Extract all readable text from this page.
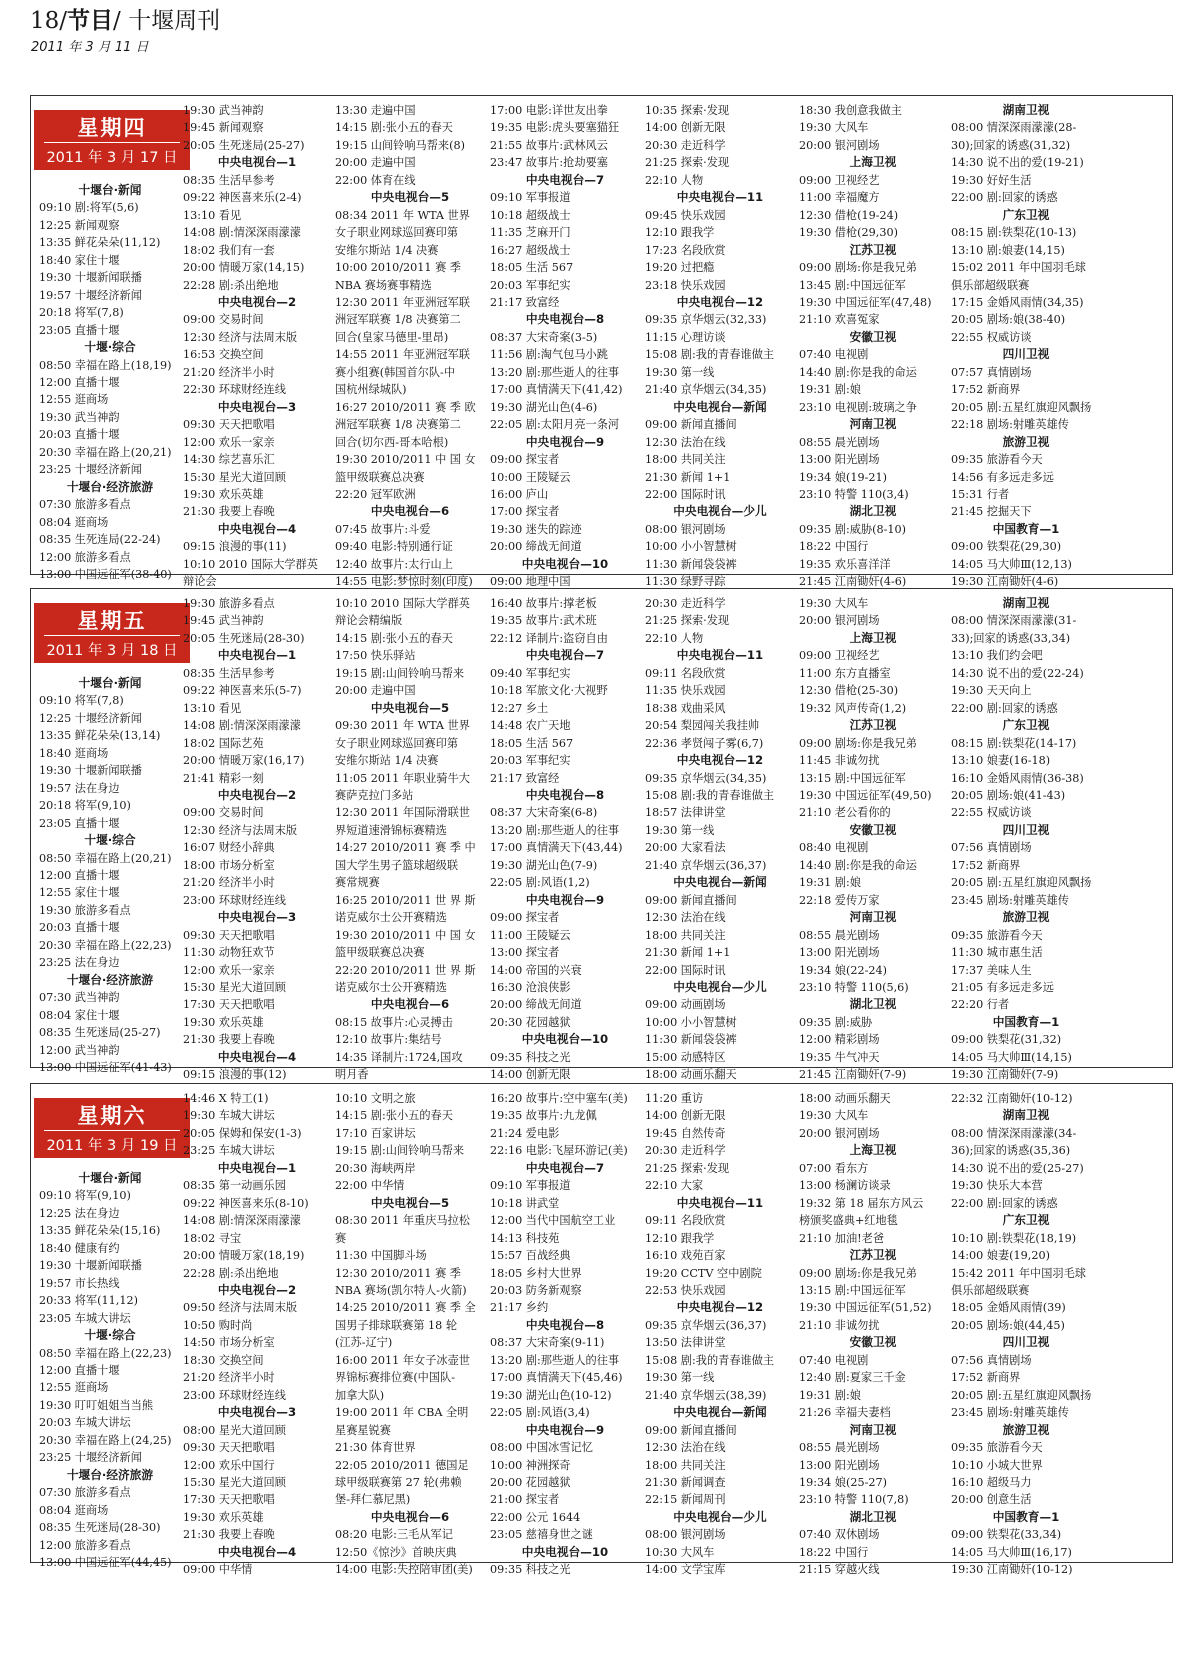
18/节目/ 十堰周刊
2011 年 3 月 11 日
星期四
2011 年 3 月 17 日
十堰台·新闻
09:10 剧:将军(5,6)
12:25 新闻观察
13:35 鲜花朵朵(11,12)
18:40 家住十堰
19:30 十堰新闻联播
19:57 十堰经济新闻
20:18 将军(7,8)
23:05 直播十堰
十堰·综合
08:50 幸福在路上(18,19)
12:00 直播十堰
12:55 逛商场
19:30 武当神韵
20:03 直播十堰
20:30 幸福在路上(20,21)
23:25 十堰经济新闻
十堰台·经济旅游
07:30 旅游多看点
08:04 逛商场
08:35 生死连局(22-24)
12:00 旅游多看点
13:00 中国远征军(38-40)
19:30 武当神韵
19:45 新闻观察
20:05 生死迷局(25-27)
中央电视台—1
08:35 生活早参考
09:22 神医喜来乐(2-4)
13:10 看见
14:08 剧:情深深雨濛濛
18:02 我们有一套
20:00 情暖万家(14,15)
22:28 剧:杀出绝地
中央电视台—2
09:00 交易时间
12:30 经济与法周末版
16:53 交换空间
21:20 经济半小时
22:30 环球财经连线
中央电视台—3
09:30 天天把歌唱
12:00 欢乐一家亲
14:30 综艺喜乐汇
15:30 星光大道回顾
19:30 欢乐英雄
21:30 我要上春晚
中央电视台—4
09:15 浪漫的事(11)
10:10 2010 国际大学群英
辩论会
13:30 走遍中国
14:15 剧:张小五的春天
19:15 山间铃响马帮来(8)
20:00 走遍中国
22:00 体育在线
中央电视台—5
08:34 2011 年 WTA 世界
女子职业网球巡回赛印第
安维尔斯站 1/4 决赛
10:00 2010/2011 赛 季
NBA 赛场赛事精选
12:30 2011 年亚洲冠军联
洲冠军联赛 1/8 决赛第二
回合(皇家马德里-里昂)
14:55 2011 年亚洲冠军联
赛小组赛(韩国首尔队-中
国杭州绿城队)
16:27 2010/2011 赛 季 欧
洲冠军联赛 1/8 决赛第二
回合(切尔西-哥本哈根)
19:30 2010/2011 中 国 女
篮甲级联赛总决赛
22:20 冠军欧洲
中央电视台—6
07:45 故事片:斗爱
09:40 电影:特别通行证
12:40 故事片:太行山上
14:55 电影:梦惊时刻(印度)
17:00 电影:详世友出拳
19:35 电影:虎头要塞猫狂
21:55 故事片:武林风云
23:47 故事片:抢劫要塞
中央电视台—7
09:10 军事报道
10:18 超级战士
11:35 芝麻开门
16:27 超级战士
18:05 生活 567
20:03 军事纪实
21:17 致富经
中央电视台—8
08:37 大宋奇案(3-5)
11:56 剧:淘气包马小跳
13:20 剧:那些逝人的往事
17:00 真情满天下(41,42)
19:30 湖光山色(4-6)
22:05 剧:太阳月亮一条河
中央电视台—9
09:00 探宝者
10:00 王陵疑云
16:00 庐山
17:00 探宝者
19:30 迷失的踪迹
20:00 缔战无间道
中央电视台—10
09:00 地理中国
10:35 探索·发现
14:00 创新无限
20:30 走近科学
21:25 探索·发现
22:10 人物
中央电视台—11
09:45 快乐戏园
12:10 跟我学
17:23 名段欣赏
19:20 过把瘾
23:18 快乐戏园
中央电视台—12
09:35 京华烟云(32,33)
11:15 心理访谈
15:08 剧:我的青春谁做主
19:30 第一线
21:40 京华烟云(34,35)
中央电视台—新闻
09:00 新闻直播间
12:30 法治在线
18:00 共同关注
21:30 新闻 1+1
22:00 国际时讯
中央电视台—少儿
08:00 银河剧场
10:00 小小智慧树
11:30 新闻袋袋裤
11:30 绿野寻踪
18:30 我创意我做主
19:30 大风车
20:00 银河剧场
上海卫视
09:00 卫视经艺
11:00 幸福魔方
12:30 借枪(19-24)
19:30 借枪(29,30)
江苏卫视
09:00 剧场:你是我兄弟
13:45 剧:中国远征军
19:30 中国远征军(47,48)
21:10 欢喜冤家
安徽卫视
07:40 电视剧
14:40 剧:你是我的命运
19:31 剧:娘
23:10 电视剧:玻璃之争
河南卫视
08:55 晨光剧场
13:00 阳光剧场
19:34 娘(19-21)
23:10 特警 110(3,4)
湖北卫视
09:35 剧:威胁(8-10)
18:22 中国行
19:35 欢乐喜洋洋
21:45 江南锄奸(4-6)
湖南卫视
08:00 情深深雨濛濛(28-
30);回家的诱惑(31,32)
14:30 说不出的爱(19-21)
19:30 好好生活
22:00 剧:回家的诱惑
广东卫视
08:15 剧:铁梨花(10-13)
13:10 剧:娘妻(14,15)
15:02 2011 年中国羽毛球
俱乐部超级联赛
17:15 金婚风雨情(34,35)
20:05 剧场:娘(38-40)
22:55 权威访谈
四川卫视
07:57 真情剧场
17:52 新商界
20:05 剧:五星红旗迎风飘扬
22:18 剧场:射雕英雄传
旅游卫视
09:35 旅游看今天
14:56 有多远走多远
15:31 行者
21:45 挖掘天下
中国教育—1
09:00 铁梨花(29,30)
14:05 马大帅Ⅲ(12,13)
19:30 江南锄奸(4-6)
星期五
2011 年 3 月 18 日
十堰台·新闻
09:10 将军(7,8)
12:25 十堰经济新闻
13:35 鲜花朵朵(13,14)
18:40 逛商场
19:30 十堰新闻联播
19:57 法在身边
20:18 将军(9,10)
23:05 直播十堰
十堰·综合
08:50 幸福在路上(20,21)
12:00 直播十堰
12:55 家住十堰
19:30 旅游多看点
20:03 直播十堰
20:30 幸福在路上(22,23)
23:25 法在身边
十堰台·经济旅游
07:30 武当神韵
08:04 家住十堰
08:35 生死迷局(25-27)
12:00 武当神韵
13:00 中国远征军(41-43)
19:30 旅游多看点
19:45 武当神韵
20:05 生死迷局(28-30)
中央电视台—1
08:35 生活早参考
09:22 神医喜来乐(5-7)
13:10 看见
14:08 剧:情深深雨濛濛
18:02 国际艺苑
20:00 情暖万家(16,17)
21:41 精彩一刻
中央电视台—2
09:00 交易时间
12:30 经济与法周末版
16:07 财经小辞典
18:00 市场分析室
21:20 经济半小时
23:00 环球财经连线
中央电视台—3
09:30 天天把歌唱
11:30 动物狂欢节
12:00 欢乐一家亲
15:30 星光大道回顾
17:30 天天把歌唱
19:30 欢乐英雄
21:30 我要上春晚
中央电视台—4
09:15 浪漫的事(12)
10:10 2010 国际大学群英
辩论会精编版
14:15 剧:张小五的春天
17:50 快乐驿站
19:15 剧:山间铃响马帮来
20:00 走遍中国
中央电视台—5
09:30 2011 年 WTA 世界
女子职业网球巡回赛印第
安维尔斯站 1/4 决赛
11:05 2011 年职业骑牛大
赛萨克拉门多站
12:30 2011 年国际滑联世
界短道速滑锦标赛精选
14:27 2010/2011 赛 季 中
国大学生男子篮球超级联
赛常规赛
16:25 2010/2011 世 界 斯
诺克威尔士公开赛精选
19:30 2010/2011 中 国 女
篮甲级联赛总决赛
22:20 2010/2011 世 界 斯
诺克威尔士公开赛精选
中央电视台—6
08:15 故事片:心灵搏击
12:10 故事片:集结号
14:35 译制片:1724,国攻
明月香
16:40 故事片:撑老板
19:35 故事片:武术班
22:12 译制片:盗窃自由
中央电视台—7
09:40 军事纪实
10:18 军旅文化·大视野
12:27 乡土
14:48 农广天地
18:05 生活 567
20:03 军事纪实
21:17 致富经
中央电视台—8
08:37 大宋奇案(6-8)
13:20 剧:那些逝人的往事
17:00 真情满天下(43,44)
19:30 湖光山色(7-9)
22:05 剧:风语(1,2)
中央电视台—9
09:00 探宝者
11:00 王陵疑云
13:00 探宝者
14:00 帝国的兴衰
16:30 沧浪侠影
20:00 缔战无间道
20:30 花园越狱
中央电视台—10
09:35 科技之光
14:00 创新无限
20:30 走近科学
21:25 探索·发现
22:10 人物
中央电视台—11
09:11 名段欣赏
11:35 快乐戏园
18:38 戏曲采风
20:54 梨园闯关我挂帅
22:36 孝贤闯子雾(6,7)
中央电视台—12
09:35 京华烟云(34,35)
15:08 剧:我的青春谁做主
18:57 法律讲堂
19:30 第一线
20:00 大家看法
21:40 京华烟云(36,37)
中央电视台—新闻
09:00 新闻直播间
12:30 法治在线
18:00 共同关注
21:30 新闻 1+1
22:00 国际时讯
中央电视台—少儿
09:00 动画剧场
10:00 小小智慧树
11:30 新闻袋袋裤
15:00 动感特区
18:00 动画乐翻天
19:30 大风车
20:00 银河剧场
上海卫视
09:00 卫视经艺
11:00 东方直播室
12:30 借枪(25-30)
19:32 风声传奇(1,2)
江苏卫视
09:00 剧场:你是我兄弟
11:45 非诚勿扰
13:15 剧:中国远征军
19:30 中国远征军(49,50)
21:10 老公看你的
安徽卫视
08:40 电视剧
14:40 剧:你是我的命运
19:31 剧:娘
22:18 爱传万家
河南卫视
08:55 晨光剧场
13:00 阳光剧场
19:34 娘(22-24)
23:10 特警 110(5,6)
湖北卫视
09:35 剧:威胁
12:00 精彩剧场
19:35 牛气冲天
21:45 江南锄奸(7-9)
湖南卫视
08:00 情深深雨濛濛(31-
33);回家的诱惑(33,34)
13:10 我们约会吧
14:30 说不出的爱(22-24)
19:30 天天向上
22:00 剧:回家的诱惑
广东卫视
08:15 剧:铁梨花(14-17)
13:10 娘妻(16-18)
16:10 金婚风雨情(36-38)
20:05 剧场:娘(41-43)
22:55 权威访谈
四川卫视
07:56 真情剧场
17:52 新商界
20:05 剧:五星红旗迎风飘扬
23:45 剧场:射雕英雄传
旅游卫视
09:35 旅游看今天
11:30 城市惠生活
17:37 美味人生
21:05 有多远走多远
22:20 行者
中国教育—1
09:00 铁梨花(31,32)
14:05 马大帅Ⅲ(14,15)
19:30 江南锄奸(7-9)
星期六
2011 年 3 月 19 日
十堰台·新闻
09:10 将军(9,10)
12:25 法在身边
13:35 鲜花朵朵(15,16)
18:40 健康有约
19:30 十堰新闻联播
19:57 市长热线
20:33 将军(11,12)
23:05 车城大讲坛
十堰·综合
08:50 幸福在路上(22,23)
12:00 直播十堰
12:55 逛商场
19:30 叮叮姐姐当当熊
20:03 车城大讲坛
20:30 幸福在路上(24,25)
23:25 十堰经济新闻
十堰台·经济旅游
07:30 旅游多看点
08:04 逛商场
08:35 生死迷局(28-30)
12:00 旅游多看点
13:00 中国远征军(44,45)
14:46 X 特工(1)
19:30 车城大讲坛
20:05 保姆和保安(1-3)
23:25 车城大讲坛
中央电视台—1
08:35 第一动画乐园
09:22 神医喜来乐(8-10)
14:08 剧:情深深雨濛濛
18:02 寻宝
20:00 情暖万家(18,19)
22:28 剧:杀出绝地
中央电视台—2
09:50 经济与法周末版
10:50 购时尚
14:50 市场分析室
18:30 交换空间
21:20 经济半小时
23:00 环球财经连线
中央电视台—3
08:00 星光大道回顾
09:30 天天把歌唱
12:00 欢乐中国行
15:30 星光大道回顾
17:30 天天把歌唱
19:30 欢乐英雄
21:30 我要上春晚
中央电视台—4
09:00 中华情
10:10 文明之旅
14:15 剧:张小五的春天
17:10 百家讲坛
19:15 剧:山间铃响马帮来
20:30 海峡两岸
22:00 中华情
中央电视台—5
08:30 2011 年重庆马拉松
赛
11:30 中国脚斗场
12:30 2010/2011 赛 季
NBA 赛场(凯尔特人-火箭)
14:25 2010/2011 赛 季 全
国男子排球联赛第 18 轮
(江苏-辽宁)
16:00 2011 年女子冰壶世
界锦标赛排位赛(中国队-
加拿大队)
19:00 2011 年 CBA 全明
星赛星锐赛
21:30 体育世界
22:05 2010/2011 德国足
球甲级联赛第 27 轮(弗赖
堡-拜仁慕尼黑)
中央电视台—6
08:20 电影:三毛从军记
12:50《惊沙》首映庆典
14:00 电影:失控陪审团(美)
16:20 故事片:空中塞车(美)
19:35 故事片:九龙佩
21:24 爱电影
22:16 电影:飞屋环游记(美)
中央电视台—7
09:10 军事报道
10:18 讲武堂
12:00 当代中国航空工业
14:13 科技苑
15:57 百战经典
18:05 乡村大世界
20:03 防务新观察
21:17 乡约
中央电视台—8
08:37 大宋奇案(9-11)
13:20 剧:那些逝人的往事
17:00 真情满天下(45,46)
19:30 湖光山色(10-12)
22:05 剧:风语(3,4)
中央电视台—9
08:00 中国冰雪记忆
10:00 神洲探奇
20:00 花园越狱
21:00 探宝者
22:00 公元 1644
23:05 慈禧身世之谜
中央电视台—10
09:35 科技之光
11:20 重访
14:00 创新无限
19:45 自然传奇
20:30 走近科学
21:25 探索·发现
22:10 大家
中央电视台—11
09:11 名段欣赏
12:10 跟我学
16:10 戏苑百家
19:20 CCTV 空中剧院
22:53 快乐戏园
中央电视台—12
09:35 京华烟云(36,37)
13:50 法律讲堂
15:08 剧:我的青春谁做主
19:30 第一线
21:40 京华烟云(38,39)
中央电视台—新闻
09:00 新闻直播间
12:30 法治在线
18:00 共同关注
21:30 新闻调查
22:15 新闻周刊
中央电视台—少儿
08:00 银河剧场
10:30 大风车
14:00 文学宝库
18:00 动画乐翻天
19:30 大风车
20:00 银河剧场
上海卫视
07:00 看东方
13:00 杨澜访谈录
19:32 第 18 届东方风云
榜颁奖盛典+红地毯
21:10 加油!老爸
江苏卫视
09:00 剧场:你是我兄弟
13:15 剧:中国远征军
19:30 中国远征军(51,52)
21:10 非诚勿扰
安徽卫视
07:40 电视剧
12:40 剧:夏家三千金
19:31 剧:娘
21:26 幸福夫妻档
河南卫视
08:55 晨光剧场
13:00 阳光剧场
19:34 娘(25-27)
23:10 特警 110(7,8)
湖北卫视
07:40 双休剧场
18:22 中国行
21:15 穿越火线
22:32 江南锄奸(10-12)
湖南卫视
08:00 情深深雨濛濛(34-
36);回家的诱惑(35,36)
14:30 说不出的爱(25-27)
19:30 快乐大本营
22:00 剧:回家的诱惑
广东卫视
10:10 剧:铁梨花(18,19)
14:00 娘妻(19,20)
15:42 2011 年中国羽毛球
俱乐部超级联赛
18:05 金婚风雨情(39)
20:05 剧场:娘(44,45)
四川卫视
07:56 真情剧场
17:52 新商界
20:05 剧:五星红旗迎风飘扬
23:45 剧场:射雕英雄传
旅游卫视
09:35 旅游看今天
10:10 小城大世界
16:10 超级马力
20:00 创意生活
中国教育—1
09:00 铁梨花(33,34)
14:05 马大帅Ⅲ(16,17)
19:30 江南锄奸(10-12)
